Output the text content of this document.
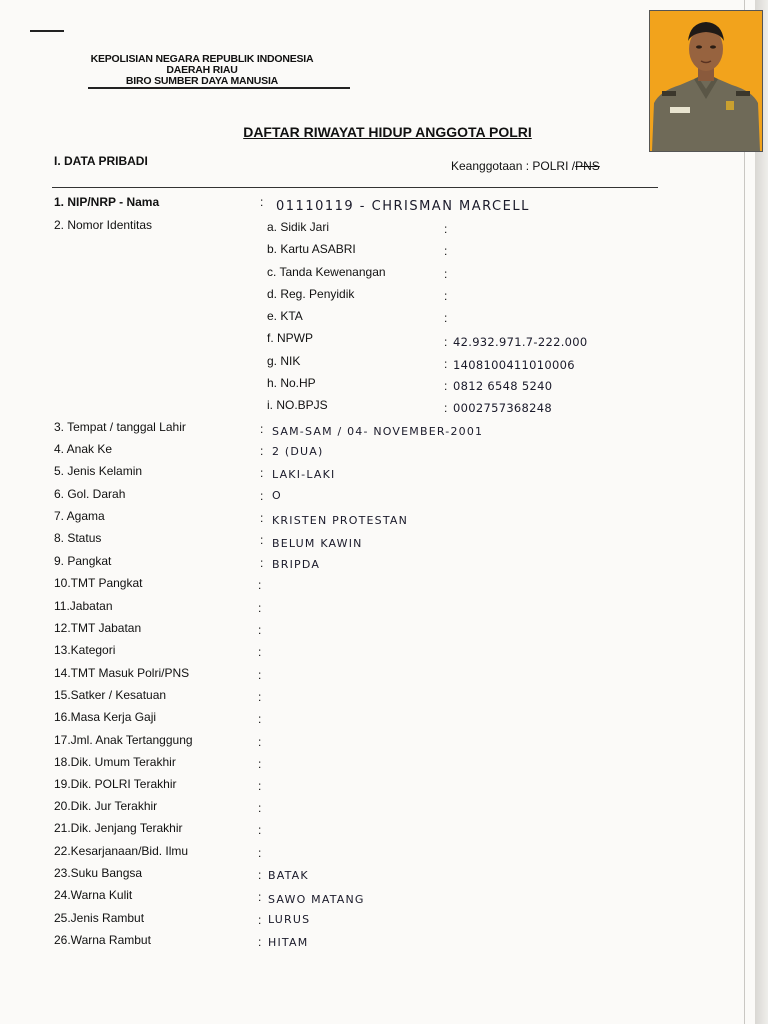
KEPOLISIAN NEGARA REPUBLIK INDONESIA
DAERAH RIAU
BIRO SUMBER DAYA MANUSIA
DAFTAR RIWAYAT HIDUP ANGGOTA POLRI
I. DATA PRIBADI	Keanggotaan : POLRI /PNS
1. NIP/NRP - Nama	: 01110119 - CHRISMAN MARCELL
2. Nomor Identitas	a. Sidik Jari	:
b. Kartu ASABRI	:
c. Tanda Kewenangan	:
d. Reg. Penyidik	:
e. KTA	:
f. NPWP	: 42.932.971.7-222.000
g. NIK	: 1408100411010006
h. No.HP	: 0812 6548 5240
i. NO.BPJS	: 0002757368248
3. Tempat / tanggal Lahir	: SAM-SAM / 04- NOVEMBER-2001
4. Anak Ke	: 2 (DUA)
5. Jenis Kelamin	: LAKI-LAKI
6. Gol. Darah	: O
7. Agama	: KRISTEN PROTESTAN
8. Status	: BELUM KAWIN
9. Pangkat	: BRIPDA
10.TMT Pangkat	:
11.Jabatan	:
12.TMT Jabatan	:
13.Kategori	:
14.TMT Masuk Polri/PNS	:
15.Satker / Kesatuan	:
16.Masa Kerja Gaji	:
17.Jml. Anak Tertanggung	:
18.Dik. Umum Terakhir	:
19.Dik. POLRI Terakhir	:
20.Dik. Jur Terakhir	:
21.Dik. Jenjang Terakhir	:
22.Kesarjanaan/Bid. Ilmu	:
23.Suku Bangsa	: BATAK
24.Warna Kulit	: SAWO MATANG
25.Jenis Rambut	: LURUS
26.Warna Rambut	: HITAM
